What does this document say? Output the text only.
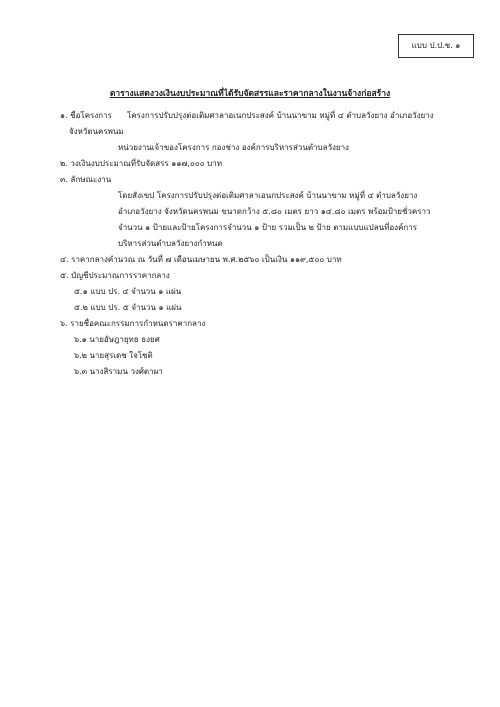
แบบ ป.ป.ช. ๑
ตารางแสดงวงเงินงบประมาณที่ได้รับจัดสรรและราคากลางในงานจ้างก่อสร้าง
๑. ชื่อโครงการ โครงการปรับปรุงต่อเติมศาลาอเนกประสงค์ บ้านนาขาม หมู่ที่ ๔ ตำบลวังยาง อำเภอวังยาง
จังหวัดนครพนม
หน่วยงานเจ้าของโครงการ กองช่าง องค์การบริหารส่วนตำบลวังยาง
๒. วงเงินงบประมาณที่รับจัดสรร ๑๑๗,๐๐๐ บาท
๓. ลักษณะงาน
โดยสังเขป โครงการปรับปรุงต่อเติมศาลาเอนกประสงค์ บ้านนาขาม หมู่ที่ ๔ ตำบลวังยาง
อำเภอวังยาง จังหวัดนครพนม ขนาดกว้าง ๕.๘๐ เมตร ยาว ๑๔.๘๐ เมตร พร้อมป้ายชั่วคราว
จำนวน ๑ ป้ายและป้ายโครงการจำนวน ๑ ป้าย รวมเป็น ๒ ป้าย ตามแบบแปลนที่องค์การ
บริหารส่วนตำบลวังยางกำหนด
๔. ราคากลางคำนวณ ณ วันที่ ๗ เดือนเมษายน พ.ศ.๒๕๖๐ เป็นเงิน ๑๑๙,๕๐๐ บาท
๕. บัญชีประมาณการราคากลาง
๕.๑ แบบ ปร. ๔ จำนวน ๑ แผ่น
๕.๒ แบบ ปร. ๕ จำนวน ๑ แผ่น
๖. รายชื่อคณะกรรมการกำหนดราคากลาง
๖.๑ นายอัษฎายุทธ ธงยศ
๖.๒ นายสุรเดช ใจโชติ
๖.๓ นางสิรามน วงศ์ตาผา
